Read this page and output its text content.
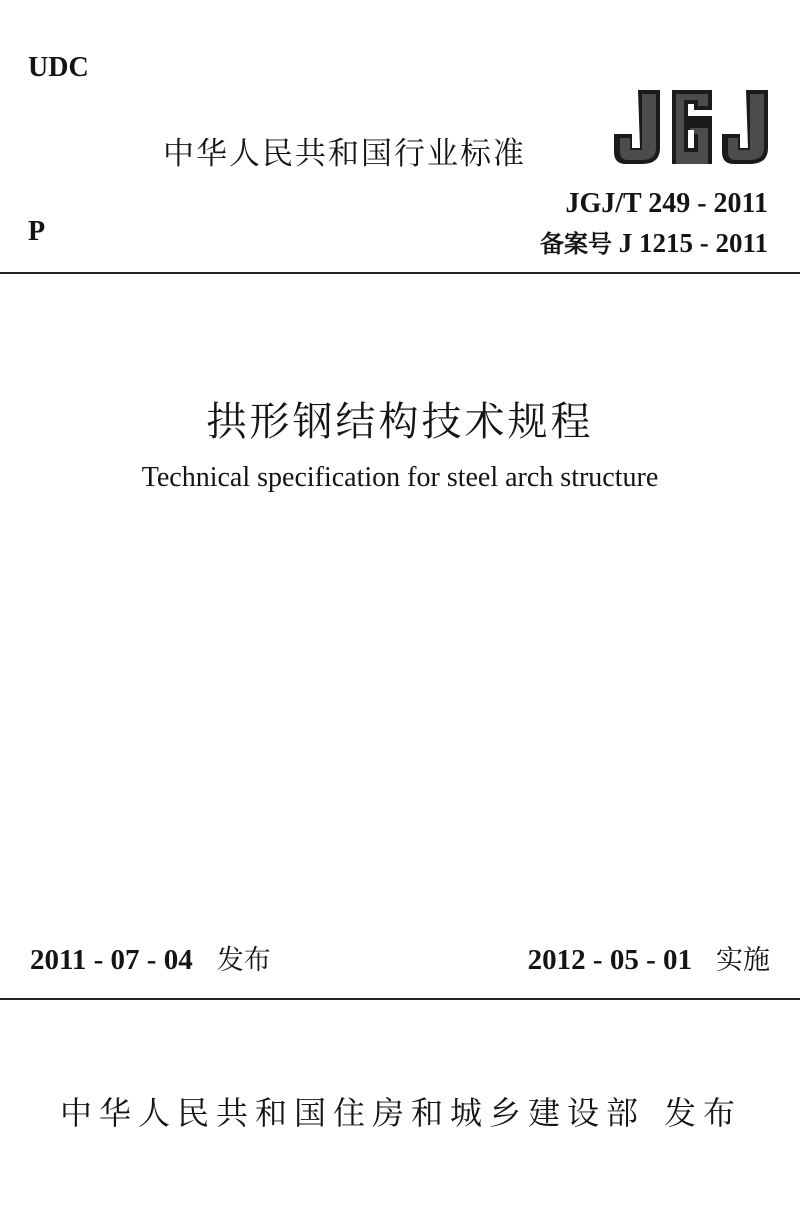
UDC
中华人民共和国行业标准
JGJ/T 249 - 2011
P	备案号 J 1215 - 2011
拱形钢结构技术规程
Technical specification for steel arch structure
2011 - 07 - 04 发布	2012 - 05 - 01 实施
中华人民共和国住房和城乡建设部 发布
